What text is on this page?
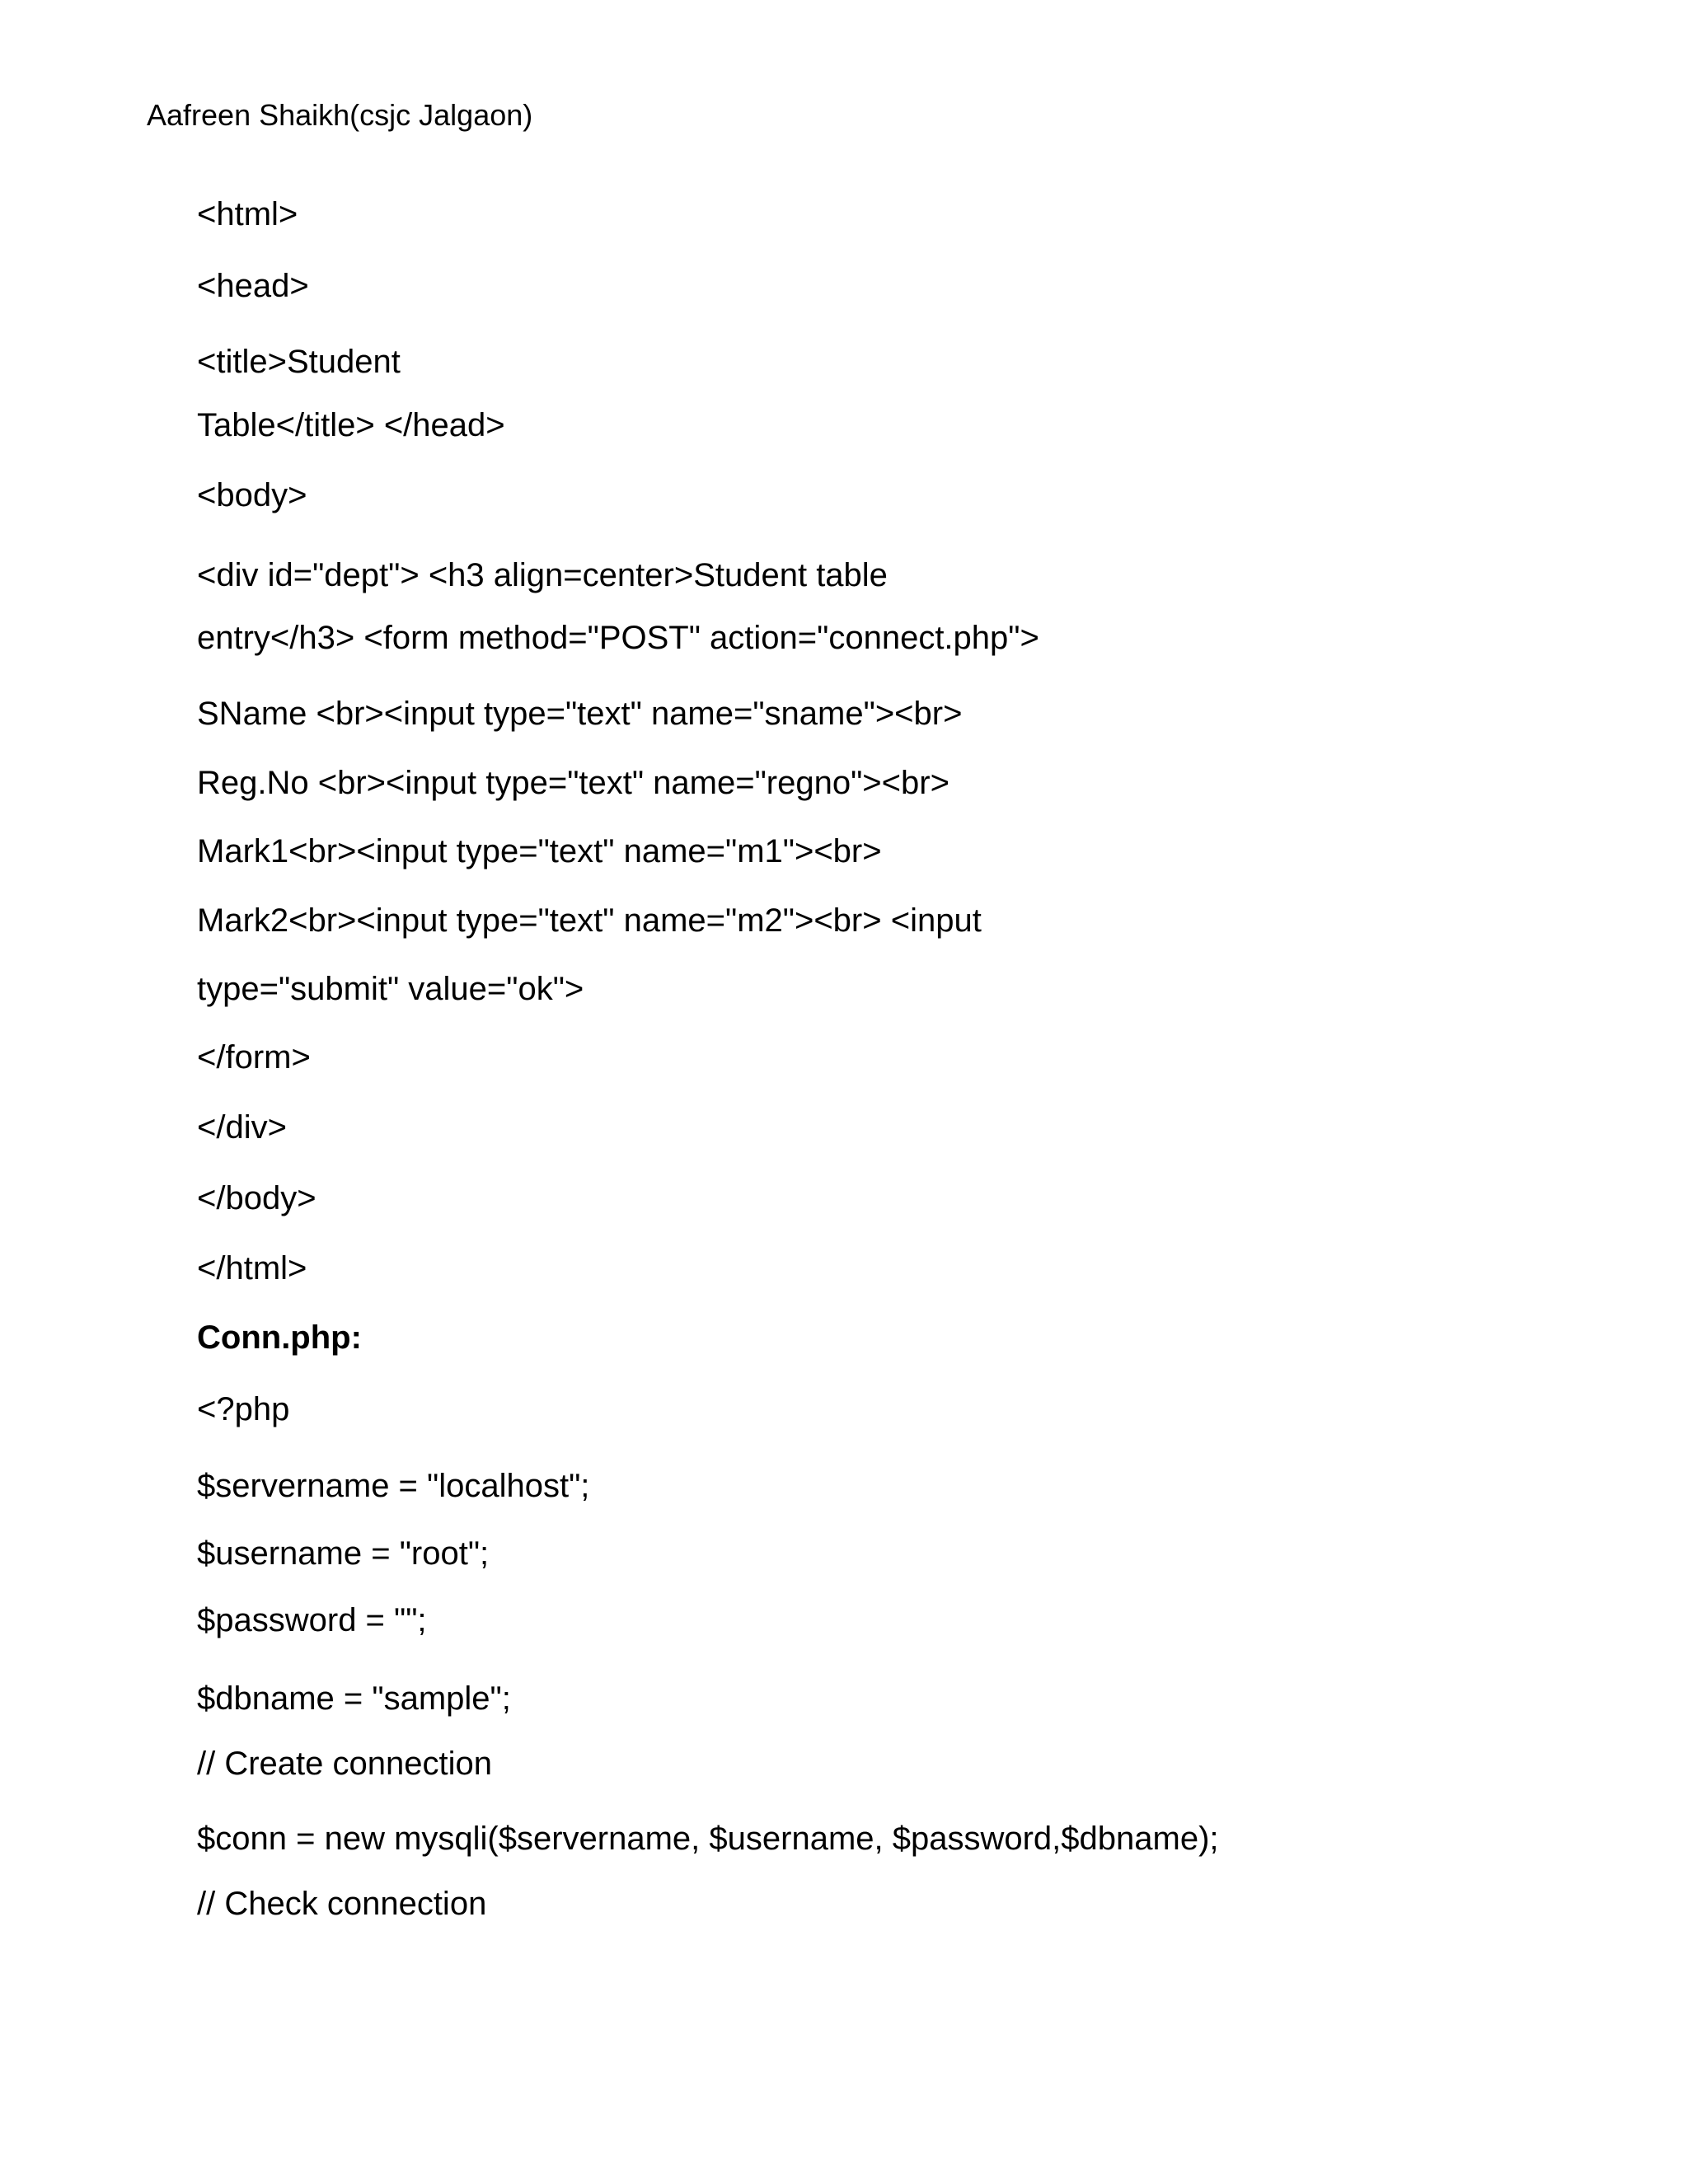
Aafreen Shaikh(csjc Jalgaon)
<html>
<head>
<title>Student
Table</title> </head>
<body>
<div id="dept"> <h3 align=center>Student table
entry</h3> <form method="POST" action="connect.php">
SName <br><input type="text" name="sname"><br>
Reg.No <br><input type="text" name="regno"><br>
Mark1<br><input type="text" name="m1"><br>
Mark2<br><input type="text" name="m2"><br> <input
type="submit" value="ok">
</form>
</div>
</body>
</html>
Conn.php:
<?php
$servername = "localhost";
$username = "root";
$password = "";
$dbname = "sample";
// Create connection
$conn = new mysqli($servername, $username, $password,$dbname);
// Check connection
